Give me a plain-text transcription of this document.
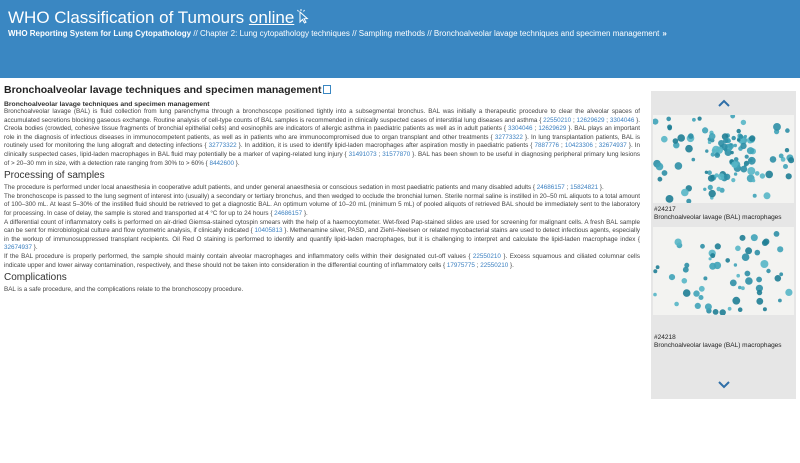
WHO Classification of Tumours online
WHO Reporting System for Lung Cytopathology // Chapter 2: Lung cytopathology techniques // Sampling methods // Bronchoalveolar lavage techniques and specimen management »
Bronchoalveolar lavage techniques and specimen management
Bronchoalveolar lavage techniques and specimen management

Bronchoalveolar lavage (BAL) is fluid collection from lung parenchyma through a bronchoscope positioned tightly into a subsegmental bronchus. BAL was initially a therapeutic procedure to clear the alveolar spaces of accumulated secretions blocking gaseous exchange. Routine analysis of cell-type counts of BAL samples is recommended in clinically suspected cases of interstitial lung diseases and asthma { 22550210 ; 12629629 ; 3304046 }. Creola bodies (crowded, cohesive tissue fragments of bronchial epithelial cells) and eosinophils are indicators of allergic asthma in paediatric patients as well as in adult patients { 3304046 ; 12629629 }. BAL plays an important role in the diagnosis of infectious diseases in immunocompetent patients, as well as in patients who are immunocompromised due to organ transplant and other treatments { 32773322 }. In lung transplantation patients, BAL is routinely used for monitoring the lung allograft and detecting infections { 32773322 }. In addition, it is used to identify lipid-laden macrophages after aspiration mostly in paediatric patients { 7887776 ; 10423306 ; 32674937 }. In clinically suspected cases, lipid-laden macrophages in BAL fluid may potentially be a marker of vaping-related lung injury { 31491073 ; 31577870 }. BAL has been shown to be useful in diagnosing peripheral primary lung lesions of > 20–30 mm in size, with a detection rate ranging from 30% to > 60% { 8442600 }.

Processing of samples

The procedure is performed under local anaesthesia in cooperative adult patients, and under general anaesthesia or conscious sedation in most paediatric patients and many disabled adults { 24686157 ; 15824821 }.

The bronchoscope is passed to the lung segment of interest into (usually) a secondary or tertiary bronchus, and then wedged to occlude the bronchial lumen. Sterile normal saline is instilled in 20–50 mL aliquots to a total amount of 100–300 mL. At least 5–30% of the instilled fluid should be retrieved to get a diagnostic BAL. An optimum volume of 10–20 mL (minimum 5 mL) of pooled aliquots of retrieved BAL should be immediately sent to the laboratory for processing. In case of delay, the sample is stored and transported at 4 °C for up to 24 hours { 24686157 }.

A differential count of inflammatory cells is performed on air-dried Giemsa-stained cytospin smears with the help of a haemocytometer. Wet-fixed Pap-stained slides are used for screening for malignant cells. A fresh BAL sample can be sent for microbiological culture and flow cytometric analysis, if clinically indicated { 10405813 }. Methenamine silver, PASD, and Ziehl–Neelsen or related mycobacterial stains are used to detect infectious agents, especially in the workup of immunosuppressed transplant recipients. Oil Red O staining is performed to identify and quantify lipid-laden macrophages, but it is challenging to interpret and calculate the lipid-laden macrophage index { 32674937 }.

If the BAL procedure is properly performed, the sample should mainly contain alveolar macrophages and inflammatory cells within their designated cut-off values { 22550210 }. Excess squamous and ciliated columnar cells indicate upper and lower airway contamination, respectively, and these should not be taken into consideration in the differential counting of inflammatory cells { 17975775 ; 22550210 }.

Complications

BAL is a safe procedure, and the complications relate to the bronchoscopy procedure.

#24217
Bronchoalveolar lavage (BAL) macrophages
#24218
Bronchoalveolar lavage (BAL) macrophages
